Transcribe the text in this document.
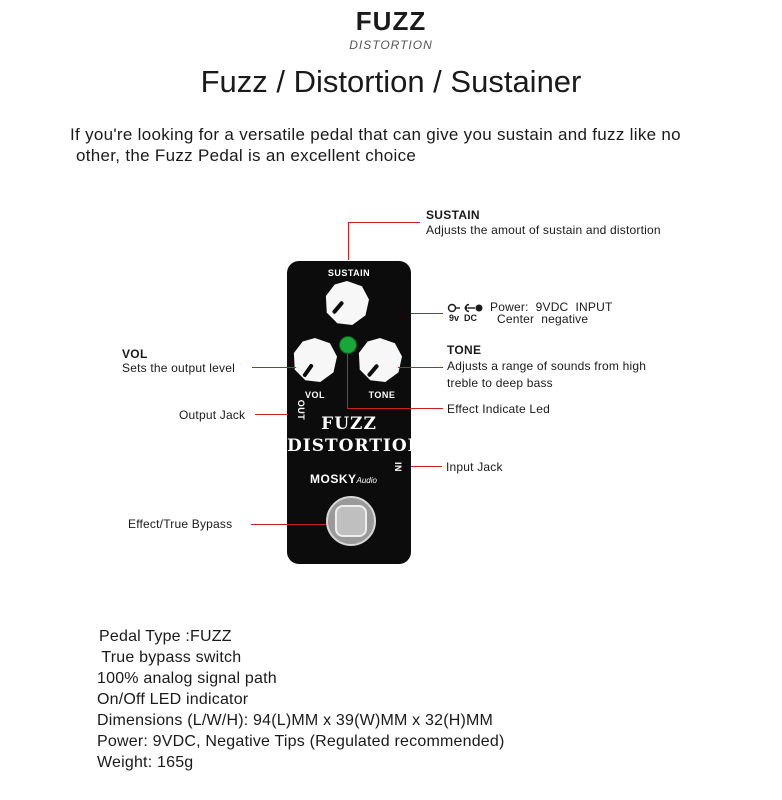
FUZZ
DISTORTION
Fuzz / Distortion / Sustainer
If you're looking for a versatile pedal that can give you sustain and fuzz like no
other, the Fuzz Pedal is an excellent choice
SUSTAIN
VOL	TONE
OUT
IN
FUZZ
DISTORTION
MOSKYAudio
SUSTAIN
Adjusts the amout of sustain and distortion
9v  DC
Power:  9VDC  INPUT
Center  negative
VOL
Sets the output level
TONE
Adjusts a range of sounds from high
treble to deep bass
Output Jack	Effect Indicate Led
Input Jack
Effect/True Bypass
Pedal Type :FUZZ
True bypass switch
100% analog signal path
On/Off LED indicator
Dimensions (L/W/H): 94(L)MM x 39(W)MM x 32(H)MM
Power: 9VDC, Negative Tips (Regulated recommended)
Weight: 165g
